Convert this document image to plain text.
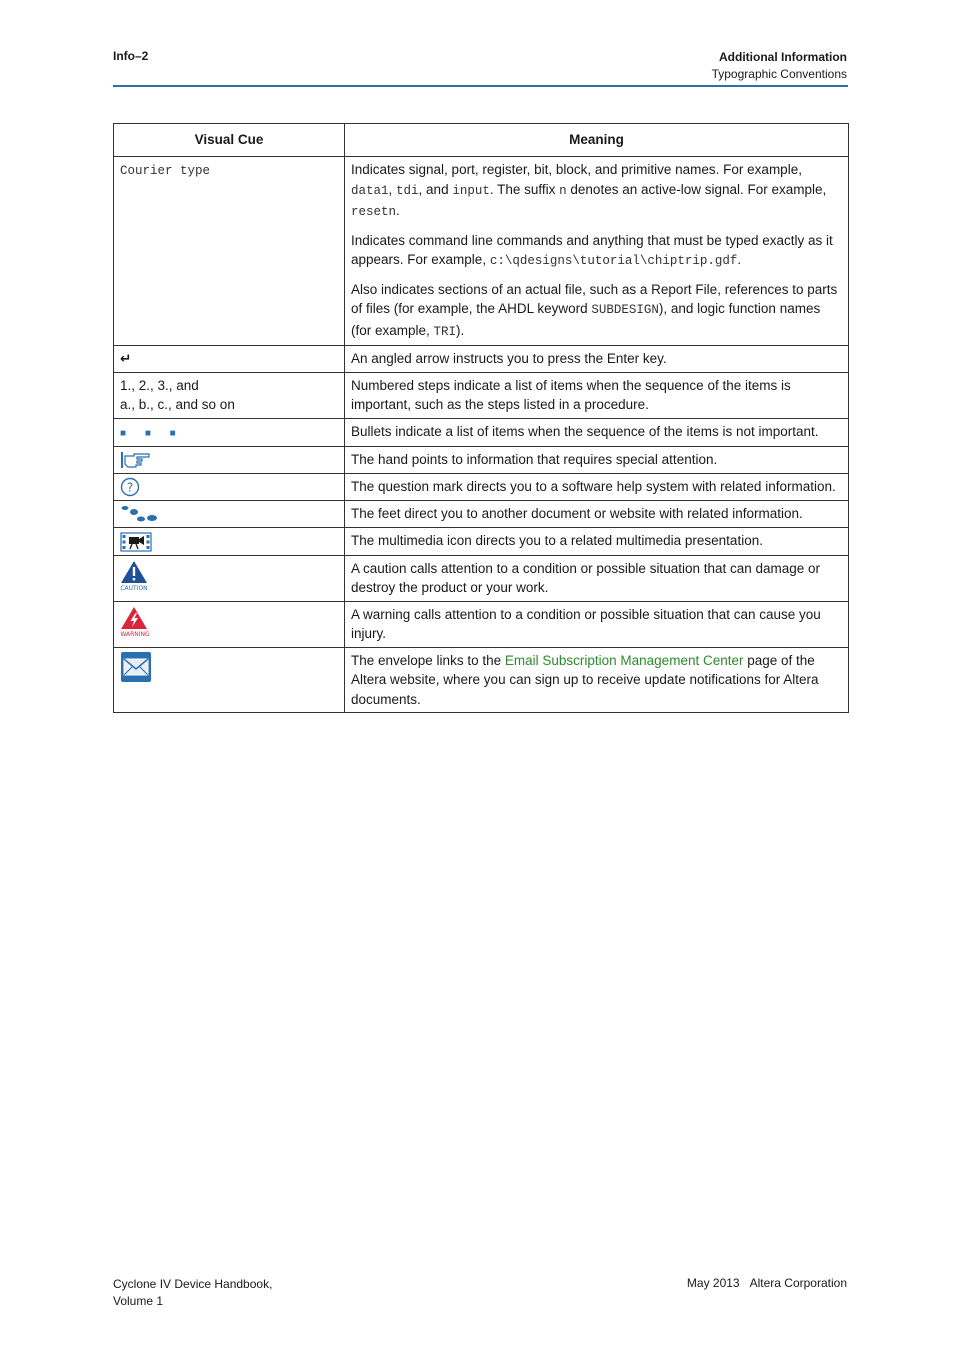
Info–2	Additional Information
Typographic Conventions
Visual Cue	Meaning
Courier type	Indicates signal, port, register, bit, block, and primitive names. For example, data1, tdi, and input. The suffix n denotes an active-low signal. For example, resetn.

Indicates command line commands and anything that must be typed exactly as it appears. For example, c:\qdesigns\tutorial\chiptrip.gdf.

Also indicates sections of an actual file, such as a Report File, references to parts of files (for example, the AHDL keyword SUBDESIGN), and logic function names (for example, TRI).

↵	An angled arrow instructs you to press the Enter key.

1., 2., 3., and
a., b., c., and so on	Numbered steps indicate a list of items when the sequence of the items is important, such as the steps listed in a procedure.
■ ■ ■	Bullets indicate a list of items when the sequence of the items is not important.
	The hand points to information that requires special attention.

?	The question mark directs you to a software help system with related information.
	The feet direct you to another document or website with related information.
	The multimedia icon directs you to a related multimedia presentation.

CAUTION	A caution calls attention to a condition or possible situation that can damage or destroy the product or your work.

WARNING	A warning calls attention to a condition or possible situation that can cause you injury.
	The envelope links to the Email Subscription Management Center page of the Altera website, where you can sign up to receive update notifications for Altera documents.
Cyclone IV Device Handbook,
Volume 1
May 2013 Altera Corporation
